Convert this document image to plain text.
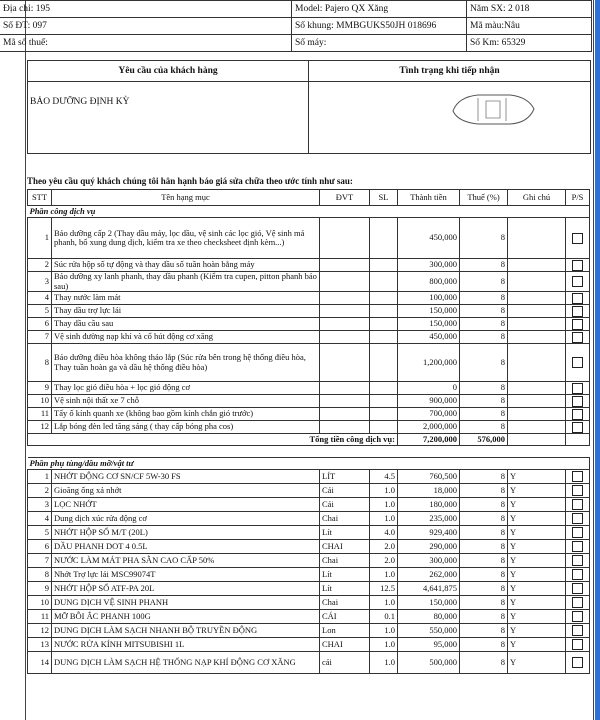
Địa chỉ: 195	Model: Pajero QX Xăng	Năm SX: 2 018
Số ĐT: 097	Số khung: MMBGUKS50JH 018696	Mã màu:Nâu
Mã số thuế:	Số máy:	Số Km: 65329
Yêu cầu của khách hàng	Tình trạng khi tiếp nhận
BẢO DƯỠNG ĐỊNH KỲ
Theo yêu cầu quý khách chúng tôi hân hạnh báo giá sửa chữa theo ước tính như sau:
STT	Tên hạng mục	ĐVT	SL	Thành tiền	Thuế (%)	Ghi chú	P/S
Phần công dịch vụ							
1	Bảo dưỡng cấp 2 (Thay dầu máy, lọc dầu, vệ sinh các lọc gió, Vệ sinh má phanh, bổ xung dung dịch, kiểm tra xe theo checksheet định kèm...)			450,000	8		
2	Súc rửa hộp số tự động và thay dầu số tuần hoàn bằng máy			300,000	8		
3	Bảo dưỡng xy lanh phanh, thay dầu phanh (Kiểm tra cupen, pitton phanh báo sau)			800,000	8		
4	Thay nước làm mát			100,000	8		
5	Thay dầu trợ lực lái			150,000	8		
6	Thay dầu cầu sau			150,000	8		
7	Vệ sinh đường nạp khí và cổ hút động cơ xăng			450,000	8		
8	Bảo dưỡng điều hòa không tháo lắp (Súc rửa bên trong hệ thống điều hòa, Thay tuần hoàn ga và dầu hệ thống điều hòa)			1,200,000	8		
9	Thay lọc gió điều hòa + lọc gió động cơ			0	8		
10	Vệ sinh nội thất xe 7 chỗ			900,000	8		
11	Tẩy ố kính quanh xe (không bao gồm kính chắn gió trước)			700,000	8		
12	Lắp bóng đèn led tăng sáng ( thay cấp bóng pha cos)			2,000,000	8		
Tổng tiền công dịch vụ:				7,200,000	576,000		

Phần phụ tùng/dầu mỡ/vật tư							
1	NHỚT ĐỘNG CƠ SN/CF 5W-30 FS	LÍT	4.5	760,500	8	Y	
2	Gioăng ống xả nhớt	Cái	1.0	18,000	8	Y	
3	LỌC NHỚT	Cái	1.0	180,000	8	Y	
4	Dung dịch xúc rửa động cơ	Chai	1.0	235,000	8	Y	
5	NHỚT HỘP SỐ M/T (20L)	Lít	4.0	929,400	8	Y	
6	DẦU PHANH DOT 4 0.5L	CHAI	2.0	290,000	8	Y	
7	NƯỚC LÀM MÁT PHA SẴN CAO CẤP 50%	Chai	2.0	300,000	8	Y	
8	Nhớt Trợ lực lái MSC99074T	Lít	1.0	262,000	8	Y	
9	NHỚT HỘP SỐ ATF-PA 20L	Lít	12.5	4,641,875	8	Y	
10	DUNG DỊCH VỆ SINH PHANH	Chai	1.0	150,000	8	Y	
11	MỠ BÔI ẮC PHANH 100G	CÁI	0.1	80,000	8	Y	
12	DUNG DỊCH LÀM SẠCH NHANH BỘ TRUYỀN ĐỘNG	Lon	1.0	550,000	8	Y	
13	NƯỚC RỬA KÍNH MITSUBISHI 1L	CHAI	1.0	95,000	8	Y	
14	DUNG DỊCH LÀM SẠCH HỆ THỐNG NẠP KHÍ ĐỘNG CƠ XĂNG	cái	1.0	500,000	8	Y	
